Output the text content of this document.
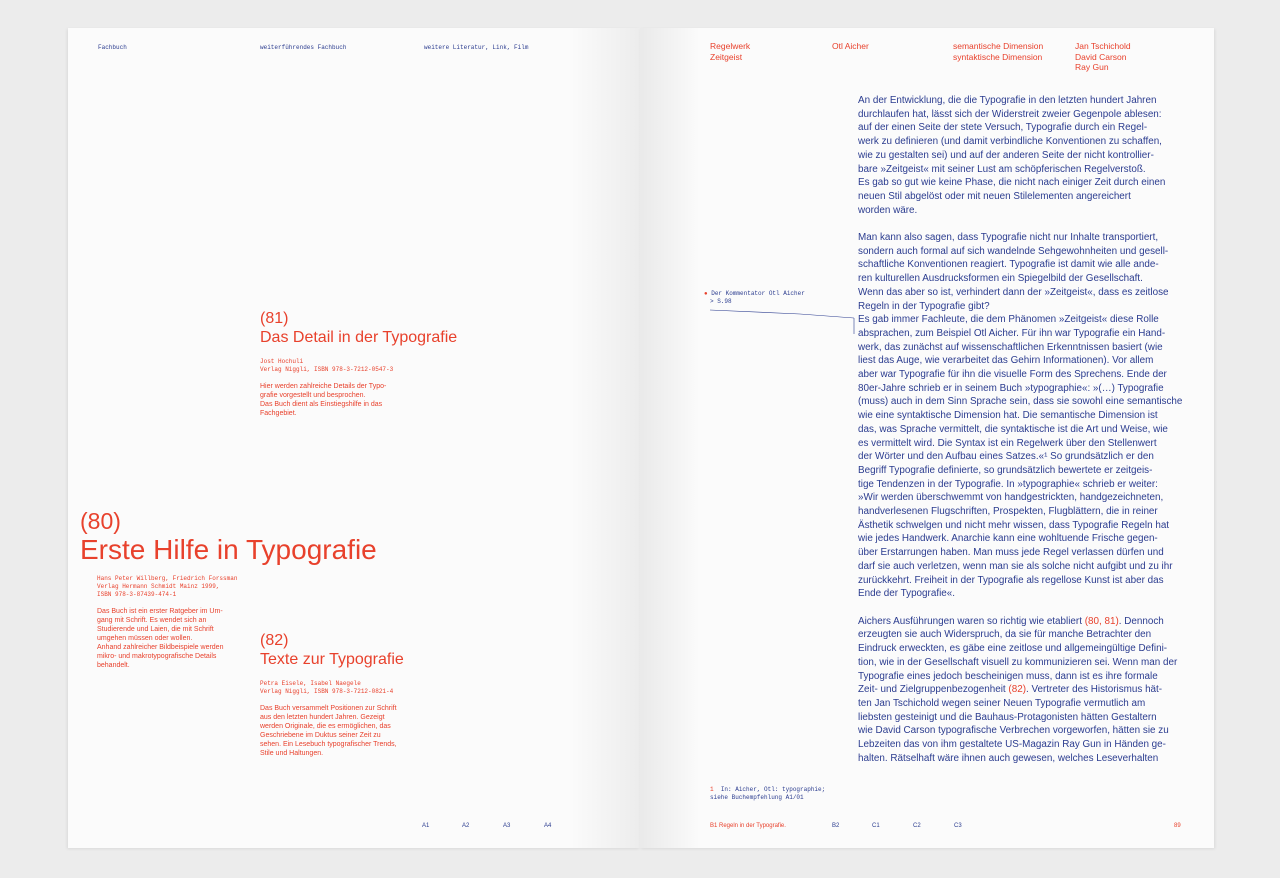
Fachbuch	weiterführendes Fachbuch	weitere Literatur, Link, Film
(81)
Das Detail in der Typografie
Jost Hochuli
Verlag Niggli, ISBN 978-3-7212-0547-3
Hier werden zahlreiche Details der Typo-
grafie vorgestellt und besprochen.
Das Buch dient als Einstiegshilfe in das
Fachgebiet.
(80)
Erste Hilfe in Typografie
Hans Peter Willberg, Friedrich Forssman
Verlag Hermann Schmidt Mainz 1999,
ISBN 978-3-87439-474-1
Das Buch ist ein erster Ratgeber im Um-
gang mit Schrift. Es wendet sich an
Studierende und Laien, die mit Schrift
umgehen müssen oder wollen.
Anhand zahlreicher Bildbeispiele werden
mikro- und makrotypografische Details
behandelt.
(82)
Texte zur Typografie
Petra Eisele, Isabel Naegele
Verlag Niggli, ISBN 978-3-7212-0821-4
Das Buch versammelt Positionen zur Schrift
aus den letzten hundert Jahren. Gezeigt
werden Originale, die es ermöglichen, das
Geschriebene im Duktus seiner Zeit zu
sehen. Ein Lesebuch typografischer Trends,
Stile und Haltungen.
A1	A2	A3	A4
Regelwerk
Zeitgeist
Otl Aicher	semantische Dimension
syntaktische Dimension
Jan Tschichold
David Carson
Ray Gun
● Der Kommentator Otl Aicher
> S.98
An der Entwicklung, die die Typografie in den letzten hundert Jahren
durchlaufen hat, lässt sich der Widerstreit zweier Gegenpole ablesen:
auf der einen Seite der stete Versuch, Typografie durch ein Regel-
werk zu definieren (und damit verbindliche Konventionen zu schaffen,
wie zu gestalten sei) und auf der anderen Seite der nicht kontrollier-
bare »Zeitgeist« mit seiner Lust am schöpferischen Regelverstoß.
Es gab so gut wie keine Phase, die nicht nach einiger Zeit durch einen
neuen Stil abgelöst oder mit neuen Stilelementen angereichert
worden wäre.
Man kann also sagen, dass Typografie nicht nur Inhalte transportiert,
sondern auch formal auf sich wandelnde Sehgewohnheiten und gesell-
schaftliche Konventionen reagiert. Typografie ist damit wie alle ande-
ren kulturellen Ausdrucksformen ein Spiegelbild der Gesellschaft.
Wenn das aber so ist, verhindert dann der »Zeitgeist«, dass es zeitlose
Regeln in der Typografie gibt?
Es gab immer Fachleute, die dem Phänomen »Zeitgeist« diese Rolle
absprachen, zum Beispiel Otl Aicher. Für ihn war Typografie ein Hand-
werk, das zunächst auf wissenschaftlichen Erkenntnissen basiert (wie
liest das Auge, wie verarbeitet das Gehirn Informationen). Vor allem
aber war Typografie für ihn die visuelle Form des Sprechens. Ende der
80er-Jahre schrieb er in seinem Buch »typographie«: »(…) Typografie
(muss) auch in dem Sinn Sprache sein, dass sie sowohl eine semantische
wie eine syntaktische Dimension hat. Die semantische Dimension ist
das, was Sprache vermittelt, die syntaktische ist die Art und Weise, wie
es vermittelt wird. Die Syntax ist ein Regelwerk über den Stellenwert
der Wörter und den Aufbau eines Satzes.«¹ So grundsätzlich er den
Begriff Typografie definierte, so grundsätzlich bewertete er zeitgeis-
tige Tendenzen in der Typografie. In »typographie« schrieb er weiter:
»Wir werden überschwemmt von handgestrickten, handgezeichneten,
handverlesenen Flugschriften, Prospekten, Flugblättern, die in reiner
Ästhetik schwelgen und nicht mehr wissen, dass Typografie Regeln hat
wie jedes Handwerk. Anarchie kann eine wohltuende Frische gegen-
über Erstarrungen haben. Man muss jede Regel verlassen dürfen und
darf sie auch verletzen, wenn man sie als solche nicht aufgibt und zu ihr
zurückkehrt. Freiheit in der Typografie als regellose Kunst ist aber das
Ende der Typografie«.
Aichers Ausführungen waren so richtig wie etabliert (80, 81). Dennoch
erzeugten sie auch Widerspruch, da sie für manche Betrachter den
Eindruck erweckten, es gäbe eine zeitlose und allgemeingültige Defini-
tion, wie in der Gesellschaft visuell zu kommunizieren sei. Wenn man der
Typografie eines jedoch bescheinigen muss, dann ist es ihre formale
Zeit- und Zielgruppenbezogenheit (82). Vertreter des Historismus hät-
ten Jan Tschichold wegen seiner Neuen Typografie vermutlich am
liebsten gesteinigt und die Bauhaus-Protagonisten hätten Gestaltern
wie David Carson typografische Verbrechen vorgeworfen, hätten sie zu
Lebzeiten das von ihm gestaltete US-Magazin Ray Gun in Händen ge-
halten. Rätselhaft wäre ihnen auch gewesen, welches Leseverhalten
1 In: Aicher, Otl: typographie;
siehe Buchempfehlung A1/01
B1 Regeln in der Typografie.	B2	C1	C2	C3	89
